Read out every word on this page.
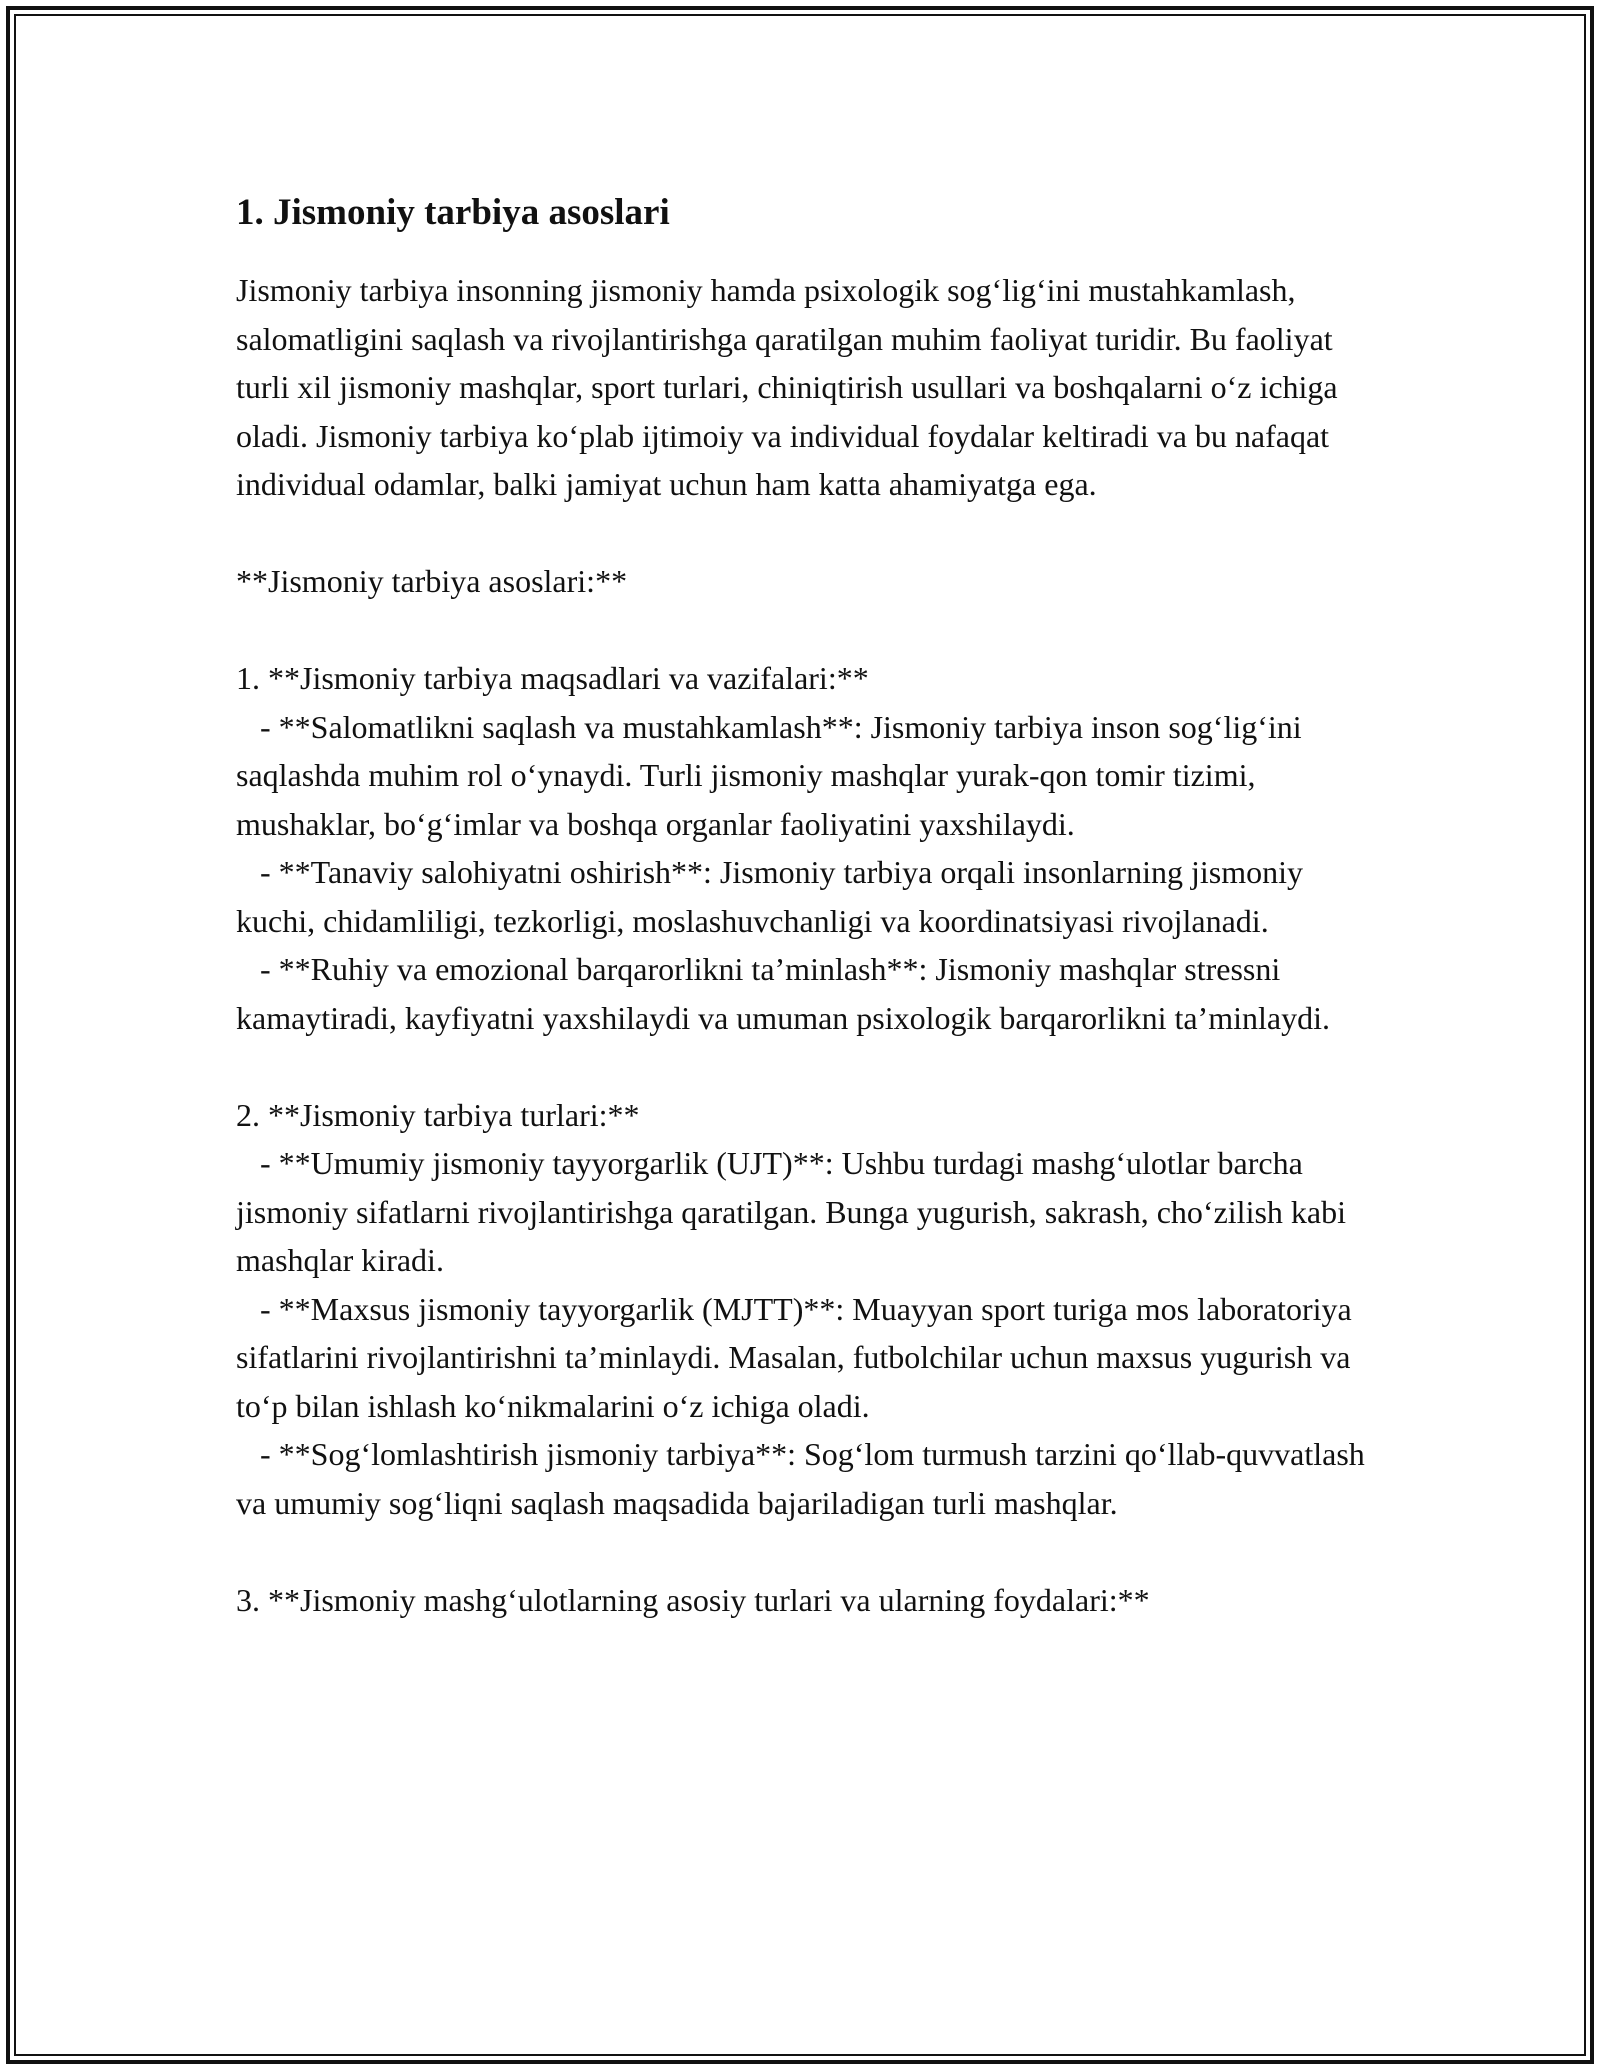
1. Jismoniy tarbiya asoslari

Jismoniy tarbiya insonning jismoniy hamda psixologik sog‘lig‘ini mustahkamlash, salomatligini saqlash va rivojlantirishga qaratilgan muhim faoliyat turidir. Bu faoliyat turli xil jismoniy mashqlar, sport turlari, chiniqtirish usullari va boshqalarni o‘z ichiga oladi. Jismoniy tarbiya ko‘plab ijtimoiy va individual foydalar keltiradi va bu nafaqat individual odamlar, balki jamiyat uchun ham katta ahamiyatga ega.

**Jismoniy tarbiya asoslari:**

1. **Jismoniy tarbiya maqsadlari va vazifalari:**

- **Salomatlikni saqlash va mustahkamlash**: Jismoniy tarbiya inson sog‘lig‘ini saqlashda muhim rol o‘ynaydi. Turli jismoniy mashqlar yurak-qon tomir tizimi, mushaklar, bo‘g‘imlar va boshqa organlar faoliyatini yaxshilaydi.

- **Tanaviy salohiyatni oshirish**: Jismoniy tarbiya orqali insonlarning jismoniy kuchi, chidamliligi, tezkorligi, moslashuvchanligi va koordinatsiyasi rivojlanadi.

- **Ruhiy va emozional barqarorlikni ta’minlash**: Jismoniy mashqlar stressni kamaytiradi, kayfiyatni yaxshilaydi va umuman psixologik barqarorlikni ta’minlaydi.

2. **Jismoniy tarbiya turlari:**

- **Umumiy jismoniy tayyorgarlik (UJT)**: Ushbu turdagi mashg‘ulotlar barcha jismoniy sifatlarni rivojlantirishga qaratilgan. Bunga yugurish, sakrash, cho‘zilish kabi mashqlar kiradi.

- **Maxsus jismoniy tayyorgarlik (MJTT)**: Muayyan sport turiga mos laboratoriya sifatlarini rivojlantirishni ta’minlaydi. Masalan, futbolchilar uchun maxsus yugurish va to‘p bilan ishlash ko‘nikmalarini o‘z ichiga oladi.

- **Sog‘lomlashtirish jismoniy tarbiya**: Sog‘lom turmush tarzini qo‘llab-quvvatlash va umumiy sog‘liqni saqlash maqsadida bajariladigan turli mashqlar.

3. **Jismoniy mashg‘ulotlarning asosiy turlari va ularning foydalari:**
